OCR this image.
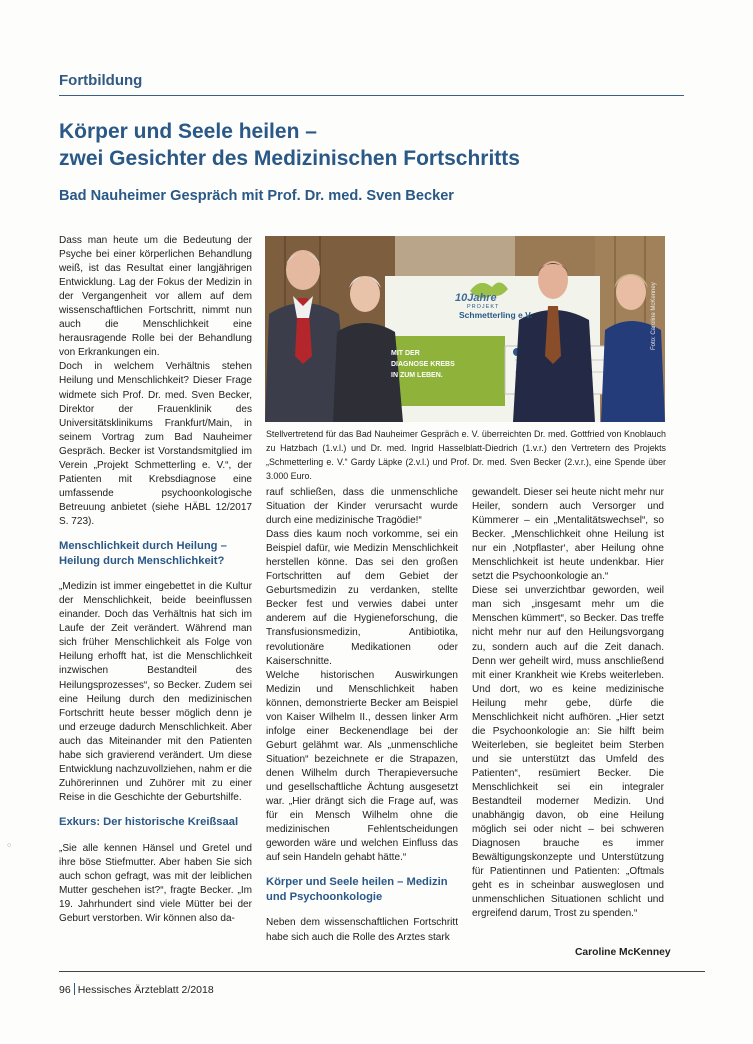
Fortbildung
Körper und Seele heilen –
zwei Gesichter des Medizinischen Fortschritts
Bad Nauheimer Gespräch mit Prof. Dr. med. Sven Becker

Dass man heute um die Bedeutung der Psyche bei einer körperlichen Behandlung weiß, ist das Resultat einer langjährigen Entwicklung. Lag der Fokus der Medizin in der Vergangenheit vor allem auf dem wissenschaftlichen Fortschritt, nimmt nun auch die Menschlichkeit eine herausragende Rolle bei der Behandlung von Erkrankungen ein.

Doch in welchem Verhältnis stehen Heilung und Menschlichkeit? Dieser Frage widmete sich Prof. Dr. med. Sven Becker, Direktor der Frauenklinik des Universitätsklinikums Frankfurt/Main, in seinem Vortrag zum Bad Nauheimer Gespräch. Becker ist Vorstandsmitglied im Verein „Projekt Schmetterling e. V.“, der Patienten mit Krebsdiagnose eine umfassende psychoonkologische Betreuung anbietet (siehe HÄBL 12/2017 S. 723).

Menschlichkeit durch Heilung – Heilung durch Menschlichkeit?

„Medizin ist immer eingebettet in die Kultur der Menschlichkeit, beide beeinflussen einander. Doch das Verhältnis hat sich im Laufe der Zeit verändert. Während man sich früher Menschlichkeit als Folge von Heilung erhofft hat, ist die Menschlichkeit inzwischen Bestandteil des Heilungsprozesses“, so Becker. Zudem sei eine Heilung durch den medizinischen Fortschritt heute besser möglich denn je und erzeuge dadurch Menschlichkeit. Aber auch das Miteinander mit den Patienten habe sich gravierend verändert. Um diese Entwicklung nachzuvollziehen, nahm er die Zuhörerinnen und Zuhörer mit zu einer Reise in die Geschichte der Geburtshilfe.

Exkurs: Der historische Kreißsaal

„Sie alle kennen Hänsel und Gretel und ihre böse Stiefmutter. Aber haben Sie sich auch schon gefragt, was mit der leiblichen Mutter geschehen ist?“, fragte Becker. „Im 19. Jahrhundert sind viele Mütter bei der Geburt verstorben. Wir können also da-

10Jahre
PROJEKT
Schmetterling e.V.
MIT DER
DIAGNOSE KREBS
IN ZUM LEBEN.
Foto: Caroline McKenney
Stellvertretend für das Bad Nauheimer Gespräch e. V. überreichten Dr. med. Gottfried von Knoblauch zu Hatzbach (1.v.l.) und Dr. med. Ingrid Hasselblatt-Diedrich (1.v.r.) den Vertretern des Projekts „Schmetterling e. V.“ Gardy Läpke (2.v.l.) und Prof. Dr. med. Sven Becker (2.v.r.), eine Spende über 3.000 Euro.

rauf schließen, dass die unmenschliche Situation der Kinder verursacht wurde durch eine medizinische Tragödie!“

Dass dies kaum noch vorkomme, sei ein Beispiel dafür, wie Medizin Menschlichkeit herstellen könne. Das sei den großen Fortschritten auf dem Gebiet der Geburtsmedizin zu verdanken, stellte Becker fest und verwies dabei unter anderem auf die Hygieneforschung, die Transfusionsmedizin, Antibiotika, revolutionäre Medikationen oder Kaiserschnitte.

Welche historischen Auswirkungen Medizin und Menschlichkeit haben können, demonstrierte Becker am Beispiel von Kaiser Wilhelm II., dessen linker Arm infolge einer Beckenendlage bei der Geburt gelähmt war. Als „unmenschliche Situation“ bezeichnete er die Strapazen, denen Wilhelm durch Therapieversuche und gesellschaftliche Ächtung ausgesetzt war. „Hier drängt sich die Frage auf, was für ein Mensch Wilhelm ohne die medizinischen Fehlentscheidungen geworden wäre und welchen Einfluss das auf sein Handeln gehabt hätte.“

Körper und Seele heilen – Medizin und Psychoonkologie

Neben dem wissenschaftlichen Fortschritt habe sich auch die Rolle des Arztes stark

gewandelt. Dieser sei heute nicht mehr nur Heiler, sondern auch Versorger und Kümmerer – ein „Mentalitätswechsel“, so Becker. „Menschlichkeit ohne Heilung ist nur ein ‚Notpflaster‘, aber Heilung ohne Menschlichkeit ist heute undenkbar. Hier setzt die Psychoonkologie an.“

Diese sei unverzichtbar geworden, weil man sich „insgesamt mehr um die Menschen kümmert“, so Becker. Das treffe nicht mehr nur auf den Heilungsvorgang zu, sondern auch auf die Zeit danach. Denn wer geheilt wird, muss anschließend mit einer Krankheit wie Krebs weiterleben. Und dort, wo es keine medizinische Heilung mehr gebe, dürfe die Menschlichkeit nicht aufhören. „Hier setzt die Psychoonkologie an: Sie hilft beim Weiterleben, sie begleitet beim Sterben und sie unterstützt das Umfeld des Patienten“, resümiert Becker. Die Menschlichkeit sei ein integraler Bestandteil moderner Medizin. Und unabhängig davon, ob eine Heilung möglich sei oder nicht – bei schweren Diagnosen brauche es immer Bewältigungskonzepte und Unterstützung für Patientinnen und Patienten: „Oftmals geht es in scheinbar ausweglosen und unmenschlichen Situationen schlicht und ergreifend darum, Trost zu spenden.“

Caroline McKenney
○
96 Hessisches Ärzteblatt 2/2018
